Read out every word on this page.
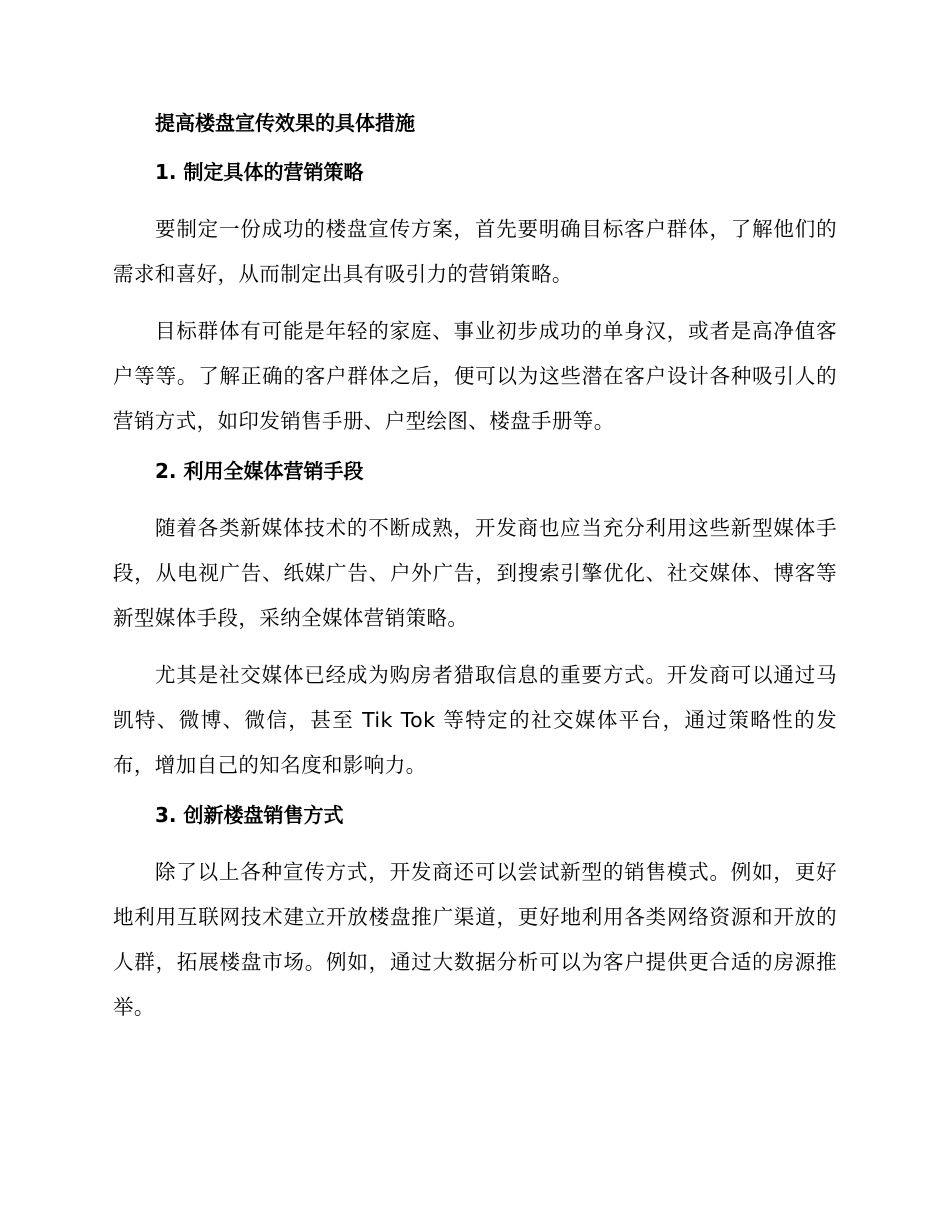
提高楼盘宣传效果的具体措施
1. 制定具体的营销策略

要制定一份成功的楼盘宣传方案，首先要明确目标客户群体，了解他们的需求和喜好，从而制定出具有吸引力的营销策略。

目标群体有可能是年轻的家庭、事业初步成功的单身汉，或者是高净值客户等等。了解正确的客户群体之后，便可以为这些潜在客户设计各种吸引人的营销方式，如印发销售手册、户型绘图、楼盘手册等。

2. 利用全媒体营销手段

随着各类新媒体技术的不断成熟，开发商也应当充分利用这些新型媒体手段，从电视广告、纸媒广告、户外广告，到搜索引擎优化、社交媒体、博客等新型媒体手段，采纳全媒体营销策略。

尤其是社交媒体已经成为购房者猎取信息的重要方式。开发商可以通过马凯特、微博、微信，甚至 Tik Tok 等特定的社交媒体平台，通过策略性的发布，增加自己的知名度和影响力。

3. 创新楼盘销售方式

除了以上各种宣传方式，开发商还可以尝试新型的销售模式。例如，更好地利用互联网技术建立开放楼盘推广渠道，更好地利用各类网络资源和开放的人群，拓展楼盘市场。例如，通过大数据分析可以为客户提供更合适的房源推举。
